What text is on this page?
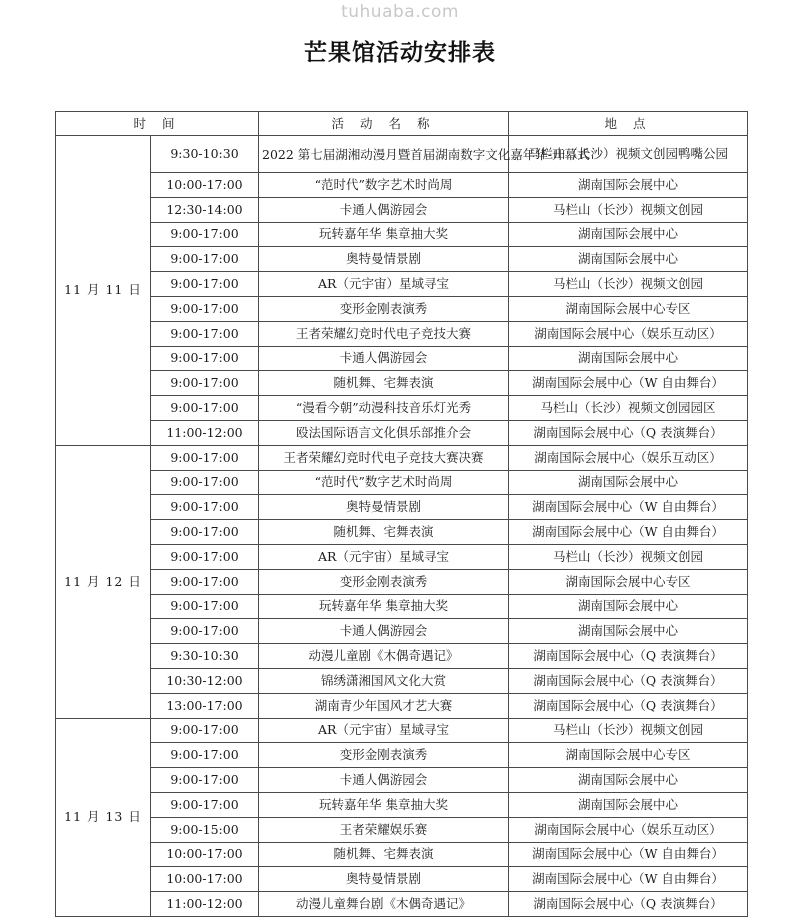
tuhuaba.com
芒果馆活动安排表
时 间		活 动 名 称	地 点
11 月 11 日	9:30-10:30	2022 第七届湖湘动漫月暨首届湖南数字文化嘉年华-开幕式	马栏山（长沙）视频文创园鸭嘴公园
	10:00-17:00	“范时代”数字艺术时尚周	湖南国际会展中心
	12:30-14:00	卡通人偶游园会	马栏山（长沙）视频文创园
	9:00-17:00	玩转嘉年华 集章抽大奖	湖南国际会展中心
	9:00-17:00	奥特曼情景剧	湖南国际会展中心
	9:00-17:00	AR（元宇宙）星域寻宝	马栏山（长沙）视频文创园
	9:00-17:00	变形金刚表演秀	湖南国际会展中心专区
	9:00-17:00	王者荣耀幻竞时代电子竞技大赛	湖南国际会展中心（娱乐互动区）
	9:00-17:00	卡通人偶游园会	湖南国际会展中心
	9:00-17:00	随机舞、宅舞表演	湖南国际会展中心（W 自由舞台）
	9:00-17:00	“漫看今朝”动漫科技音乐灯光秀	马栏山（长沙）视频文创园园区
	11:00-12:00	殴法国际语言文化俱乐部推介会	湖南国际会展中心（Q 表演舞台）
11 月 12 日	9:00-17:00	王者荣耀幻竞时代电子竞技大赛决赛	湖南国际会展中心（娱乐互动区）
	9:00-17:00	“范时代”数字艺术时尚周	湖南国际会展中心
	9:00-17:00	奥特曼情景剧	湖南国际会展中心（W 自由舞台）
	9:00-17:00	随机舞、宅舞表演	湖南国际会展中心（W 自由舞台）
	9:00-17:00	AR（元宇宙）星域寻宝	马栏山（长沙）视频文创园
	9:00-17:00	变形金刚表演秀	湖南国际会展中心专区
	9:00-17:00	玩转嘉年华 集章抽大奖	湖南国际会展中心
	9:00-17:00	卡通人偶游园会	湖南国际会展中心
	9:30-10:30	动漫儿童剧《木偶奇遇记》	湖南国际会展中心（Q 表演舞台）
	10:30-12:00	锦绣潇湘国风文化大赏	湖南国际会展中心（Q 表演舞台）
	13:00-17:00	湖南青少年国风才艺大赛	湖南国际会展中心（Q 表演舞台）
11 月 13 日	9:00-17:00	AR（元宇宙）星域寻宝	马栏山（长沙）视频文创园
	9:00-17:00	变形金刚表演秀	湖南国际会展中心专区
	9:00-17:00	卡通人偶游园会	湖南国际会展中心
	9:00-17:00	玩转嘉年华 集章抽大奖	湖南国际会展中心
	9:00-15:00	王者荣耀娱乐赛	湖南国际会展中心（娱乐互动区）
	10:00-17:00	随机舞、宅舞表演	湖南国际会展中心（W 自由舞台）
	10:00-17:00	奥特曼情景剧	湖南国际会展中心（W 自由舞台）
	11:00-12:00	动漫儿童舞台剧《木偶奇遇记》	湖南国际会展中心（Q 表演舞台）
